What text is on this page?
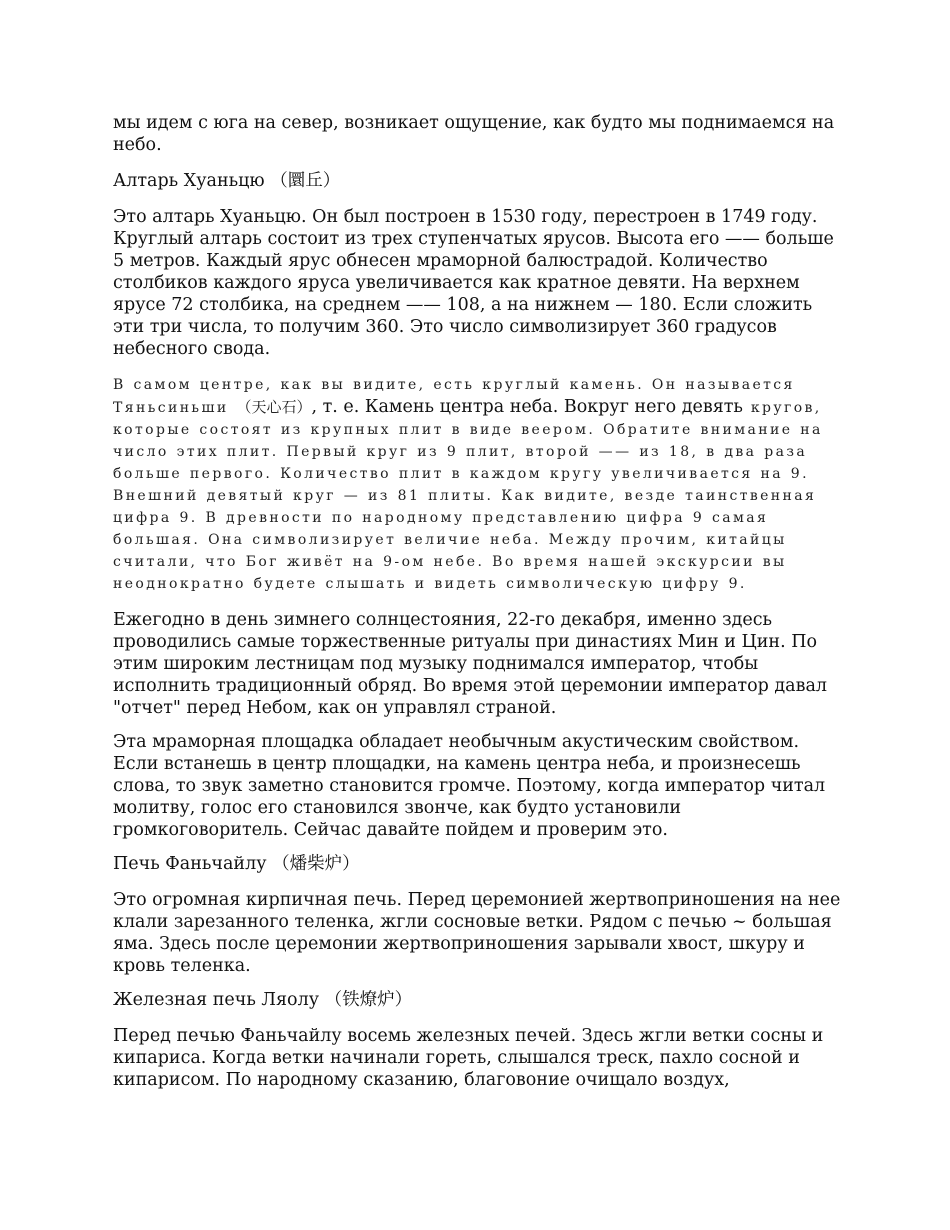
мы идем с юга на север, возникает ощущение, как будто мы поднимаемся на небо.

Алтарь Хуаньцю （圜丘）

Это алтарь Хуаньцю. Он был построен в 1530 году, перестроен в 1749 году. Круглый алтарь состоит из трех ступенчатых ярусов. Высота его —— больше 5 метров. Каждый ярус обнесен мраморной балюстрадой. Количество столбиков каждого яруса увеличивается как кратное девяти. На верхнем ярусе 72 столбика, на среднем —— 108, а на нижнем — 180. Если сложить эти три числа, то получим 360. Это число символизирует 360 градусов небесного свода.

В самом центре, как вы видите, есть круглый камень. Он называется Тяньсиньши （天心石）, т. е. Камень центра неба. Вокруг него девять кругов, которые состоят из крупных плит в виде веером. Обратите внимание на число этих плит. Первый круг из 9 плит, второй —— из 18, в два раза больше первого. Количество плит в каждом кругу увеличивается на 9. Внешний девятый круг — из 81 плиты. Как видите, везде таинственная цифра 9. В древности по народному представлению цифра 9 самая большая. Она символизирует величие неба. Между прочим, китайцы считали, что Бог живёт на 9-ом небе. Во время нашей экскурсии вы неоднократно будете слышать и видеть символическую цифру 9.

Ежегодно в день зимнего солнцестояния, 22-го декабря, именно здесь проводились самые торжественные ритуалы при династиях Мин и Цин. По этим широким лестницам под музыку поднимался император, чтобы исполнить традиционный обряд. Во время этой церемонии император давал "отчет" перед Небом, как он управлял страной.

Эта мраморная площадка обладает необычным акустическим свойством. Если встанешь в центр площадки, на камень центра неба, и произнесешь слова, то звук заметно становится громче. Поэтому, когда император читал молитву, голос его становился звонче, как будто установили громкоговоритель. Сейчас давайте пойдем и проверим это.

Печь Фаньчайлу （燔柴炉）

Это огромная кирпичная печь. Перед церемонией жертвоприношения на нее клали зарезанного теленка, жгли сосновые ветки. Рядом с печью ~ большая яма. Здесь после церемонии жертвоприношения зарывали хвост, шкуру и кровь теленка.

Железная печь Ляолу （铁燎炉）

Перед печью Фаньчайлу восемь железных печей. Здесь жгли ветки сосны и кипариса. Когда ветки начинали гореть, слышался треск, пахло сосной и кипарисом. По народному сказанию, благовоние очищало воздух,
